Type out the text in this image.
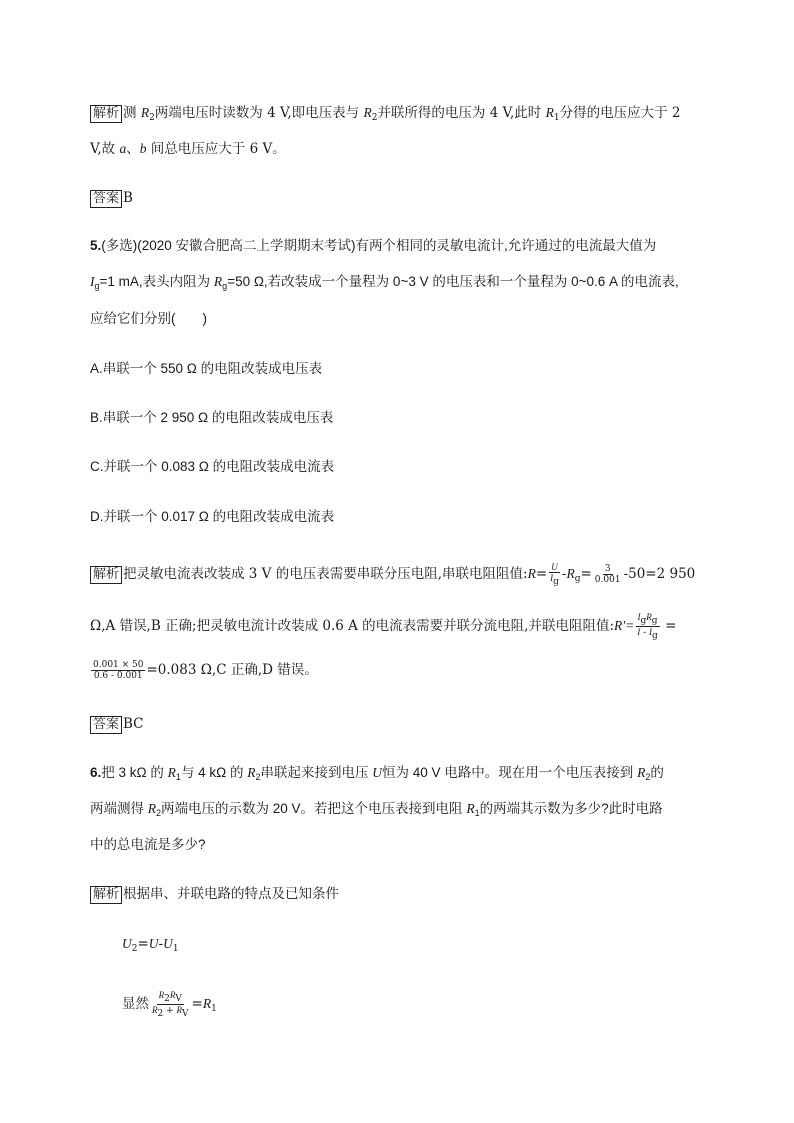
解析 测 $R_2$两端电压时读数为 4 V,即电压表与 $R_2$并联所得的电压为 4 V,此时 $R_1$分得的电压应大于 2
V,故 a、b 间总电压应大于 6 V。
答案 B
5.(多选)(2020 安徽合肥高二上学期期末考试)有两个相同的灵敏电流计,允许通过的电流最大值为
$I_g=1$ mA,表头内阻为 $R_g=50$ Ω,若改装成一个量程为 0~3 V 的电压表和一个量程为 0~0.6 A 的电流表,
应给它们分别(　　)
A.串联一个 550 Ω 的电阻改装成电压表
B.串联一个 2 950 Ω 的电阻改装成电压表
C.并联一个 0.083 Ω 的电阻改装成电流表
D.并联一个 0.017 Ω 的电阻改装成电流表
解析 把灵敏电流表改装成 3 V 的电压表需要串联分压电阻,串联电阻阻值:R= $\frac{U}{Ig} -R_g= \frac{3}{0.001} -50=2$ 950
Ω,A 错误,B 正确;把灵敏电流计改装成 0.6 A 的电流表需要并联分流电阻,并联电阻阻值:R'= $\frac{\text{IgRg}}{I - Ig}$ =
$\frac{0.001 \times 50}{0.6 - 0.001} =0.083$ Ω,C 正确,D 错误。
答案 BC
6.把 3 kΩ 的 $R_1$与 4 kΩ 的 $R_2$串联起来接到电压 U恒为 40 V 电路中。现在用一个电压表接到 $R_2$的
两端测得 $R_2$两端电压的示数为 20 V。若把这个电压表接到电阻 $R_1$的两端其示数为多少?此时电路
中的总电流是多少?
解析 根据串、并联电路的特点及已知条件
$U_2=U-U_1$
显然 $\frac{R2RV}{R2 + RV} =R_1$
